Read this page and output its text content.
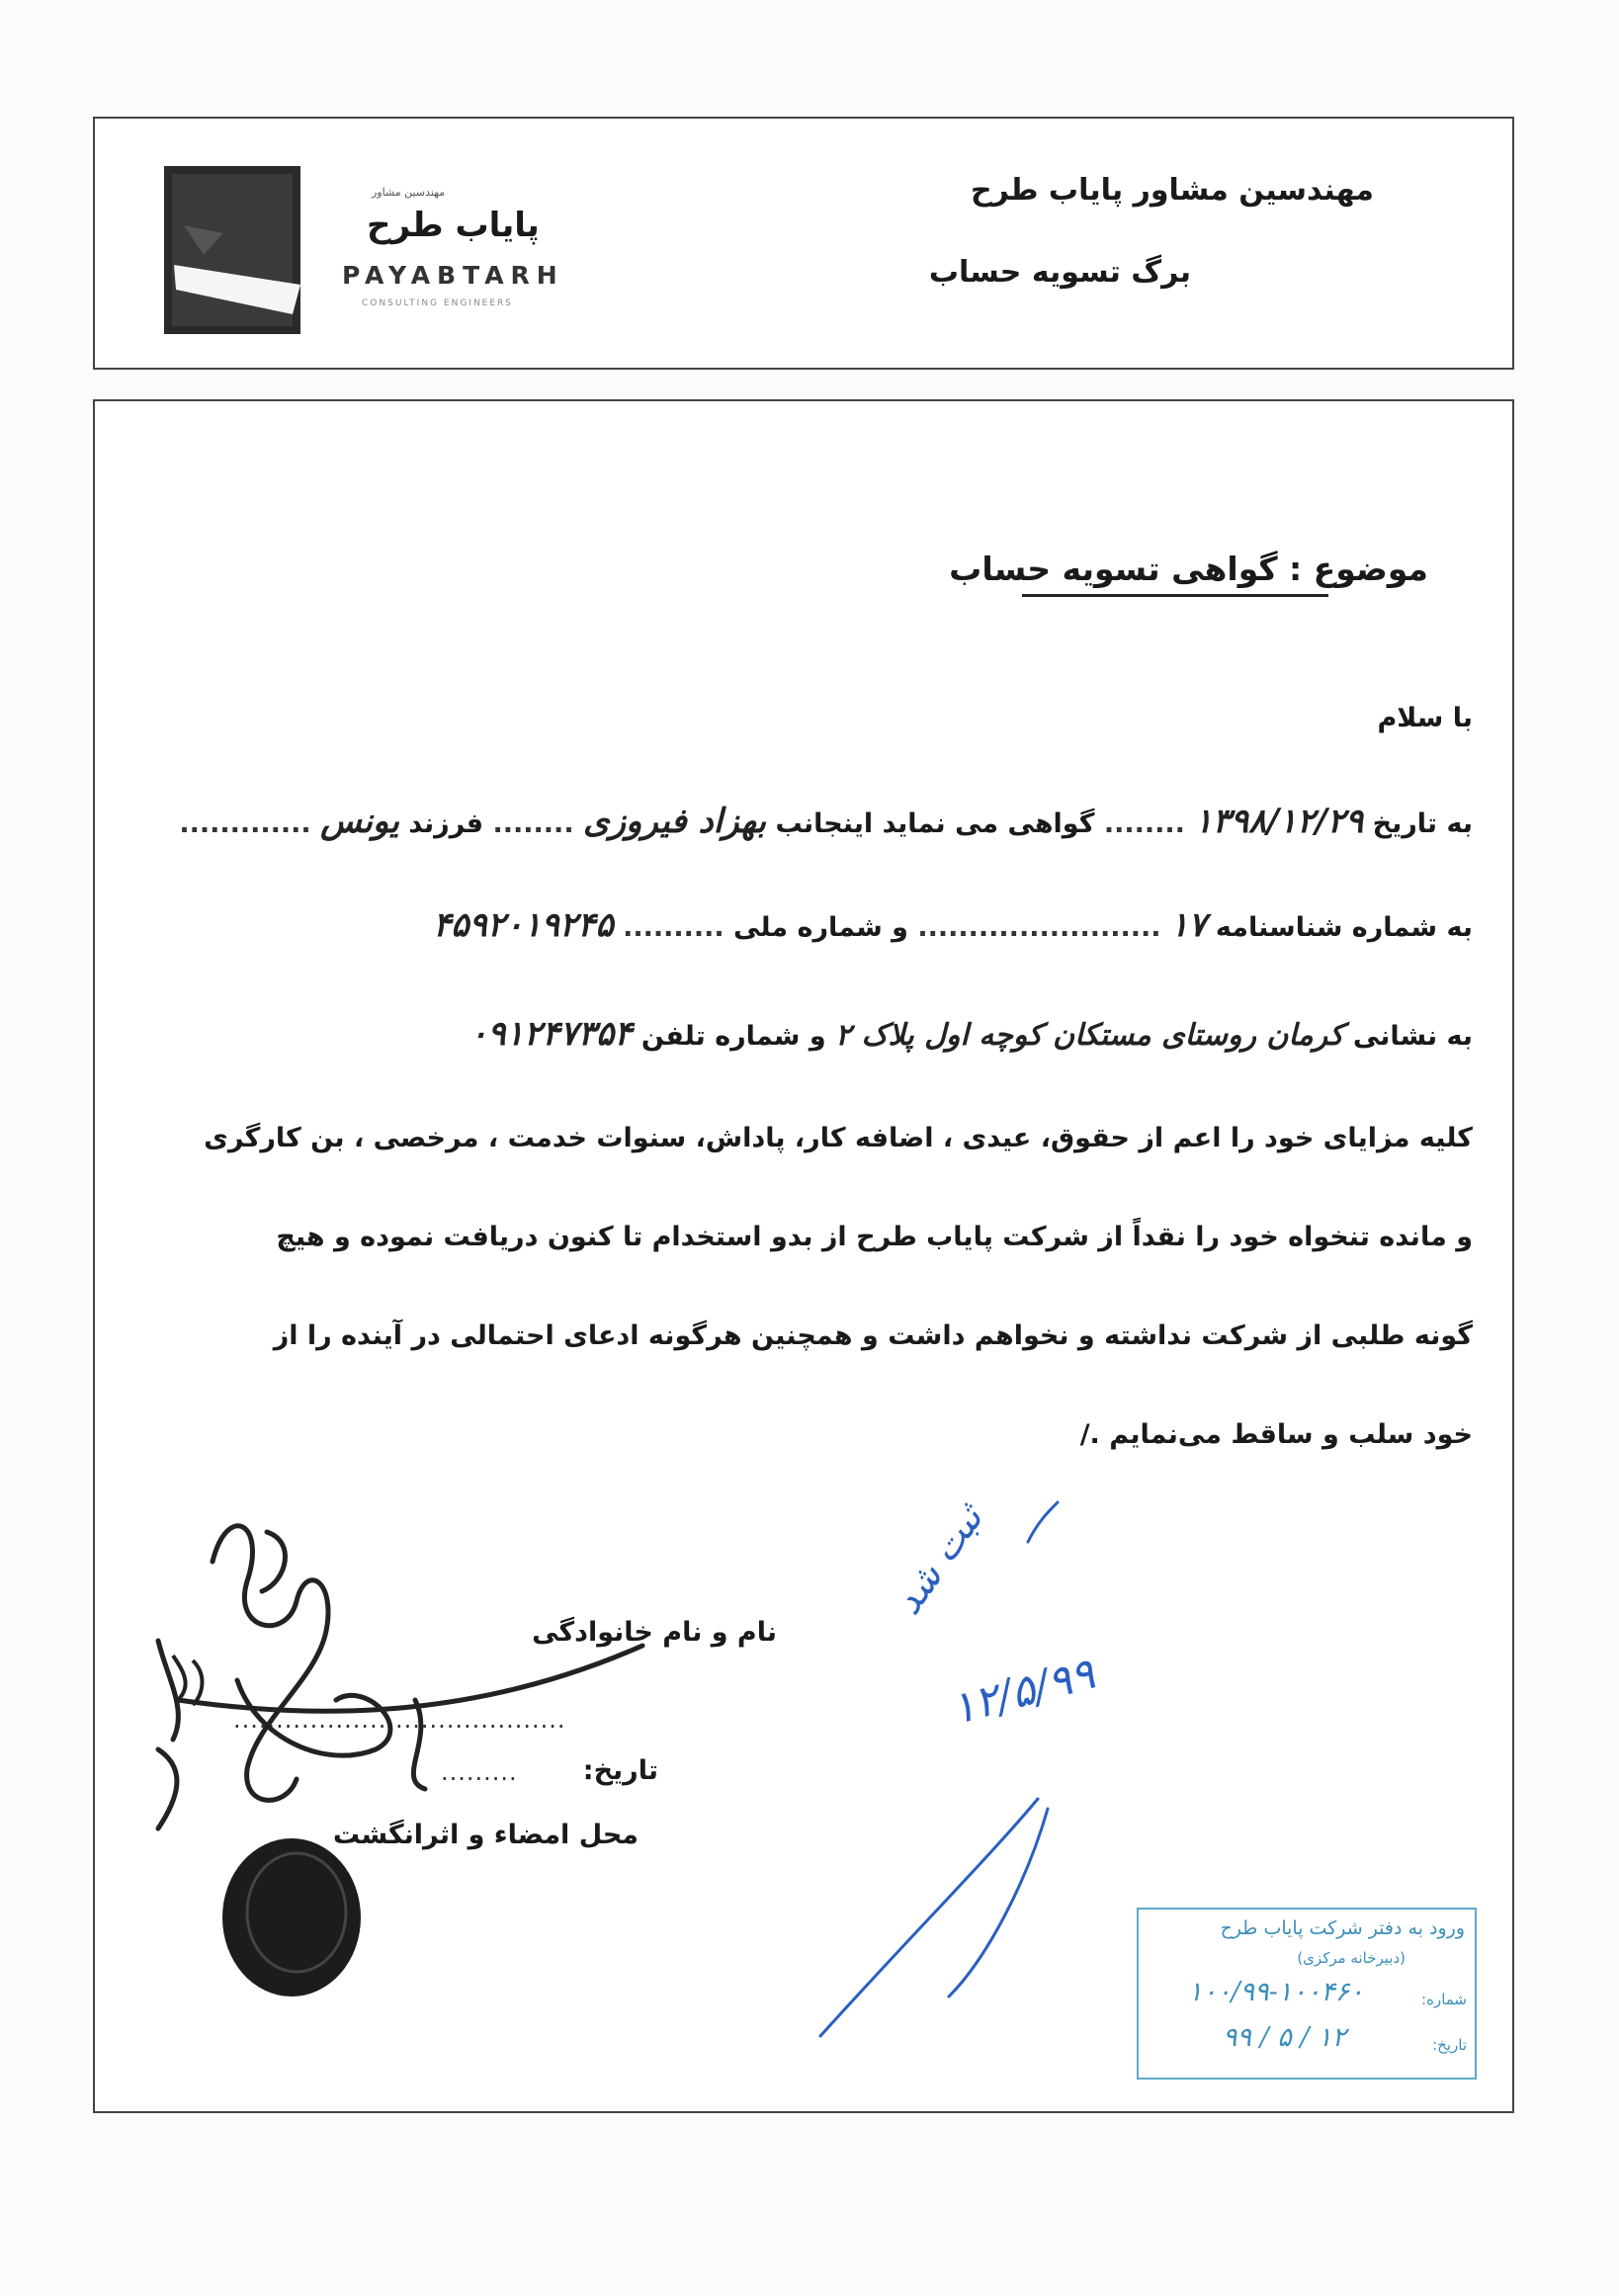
مهندسین مشاور پایاب طرح
برگ تسویه حساب
مهندسین مشاور
پایاب طرح
PAYABTARH
CONSULTING ENGINEERS
موضوع : گواهی تسویه حساب
با سلام
به تاریخ ۱۳۹۸/۱۲/۲۹ ........ گواهی می نماید اینجانب بهزاد فیروزی ........ فرزند یونس .............
به شماره شناسنامه ۱۷ ........................ و شماره ملی .......... ۴۵۹۲۰۱۹۲۴۵
به نشانی کرمان روستای مستکان کوچه اول پلاک ۲ و شماره تلفن ۰۹۱۲۴۷۳۵۴
کلیه مزایای خود را اعم از حقوق، عیدی ، اضافه کار، پاداش، سنوات خدمت ، مرخصی ، بن کارگری
و مانده تنخواه خود را نقداً از شرکت پایاب طرح از بدو استخدام تا کنون دریافت نموده و هیچ
گونه طلبی از شرکت نداشته و نخواهم داشت و همچنین هرگونه ادعای احتمالی در آینده را از
خود سلب و ساقط می‌نمایم ./
نام و نام خانوادگی
.......................................
تاریخ:
.........
محل امضاء و اثرانگشت
ثبت شد
۱۲/۵/۹۹
ورود به دفتر شرکت پایاب طرح
(دبیرخانه مرکزی)
شماره:
۱۰۰/۹۹-۱۰۰۴۶۰
تاریخ:
۹۹ / ۵ / ۱۲
